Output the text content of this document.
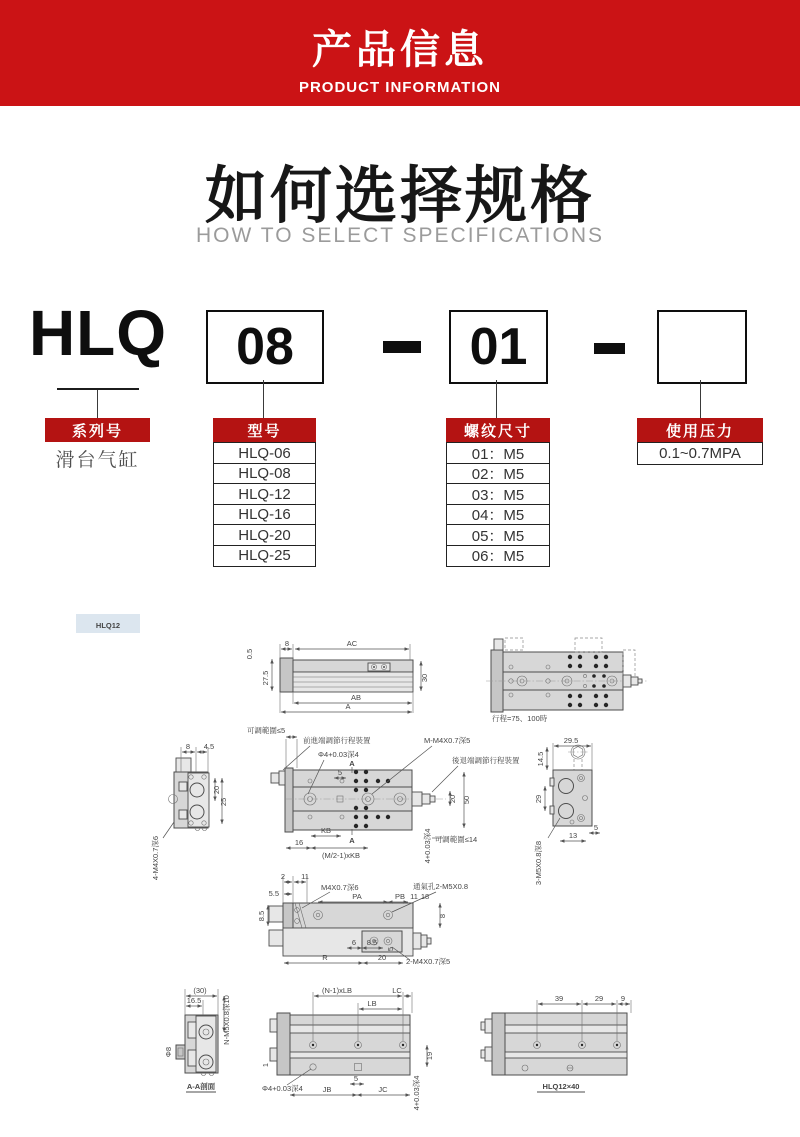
产品信息
PRODUCT INFORMATION
如何选择规格
HOW TO SELECT SPECIFICATIONS
HLQ	08	01
系列号
滑台气缸
型号
HLQ-06
HLQ-08
HLQ-12
HLQ-16
HLQ-20
HLQ-25
螺纹尺寸
01：M5
02：M5
03：M5
04：M5
05：M5
06：M5
使用压力
0.1~0.7MPA
HLQ12
0.5
8	AC
27.5	30
AB
A
行程=75、100時
8 4.5
20
25
4-M4X0.7深6
可調範圍≤5
前進端調節行程裝置	M-M4X0.7深5
Φ4+0.03深4
後退端調節行程裝置
5
A
A
KB
16
(M/2-1)xKB	4+0.03深4
20 50
可調範圍≤14
29.5
14.5
29
5
13
3-M5X0.8深8
2 11
5.5
M4X0.7深6	通氣孔2-M5X0.8
PA	PB 11 18
8.5	8
6 8.5
5
R	20	2-M4X0.7深5
(30)
16.5
Φ8
N-M5X0.8深10
A-A剖面
(N-1)xLB	LC
LB
19
1
Φ4+0.03深4
5
JB	JC	4+0.03深4
39	29 9
HLQ12×40
